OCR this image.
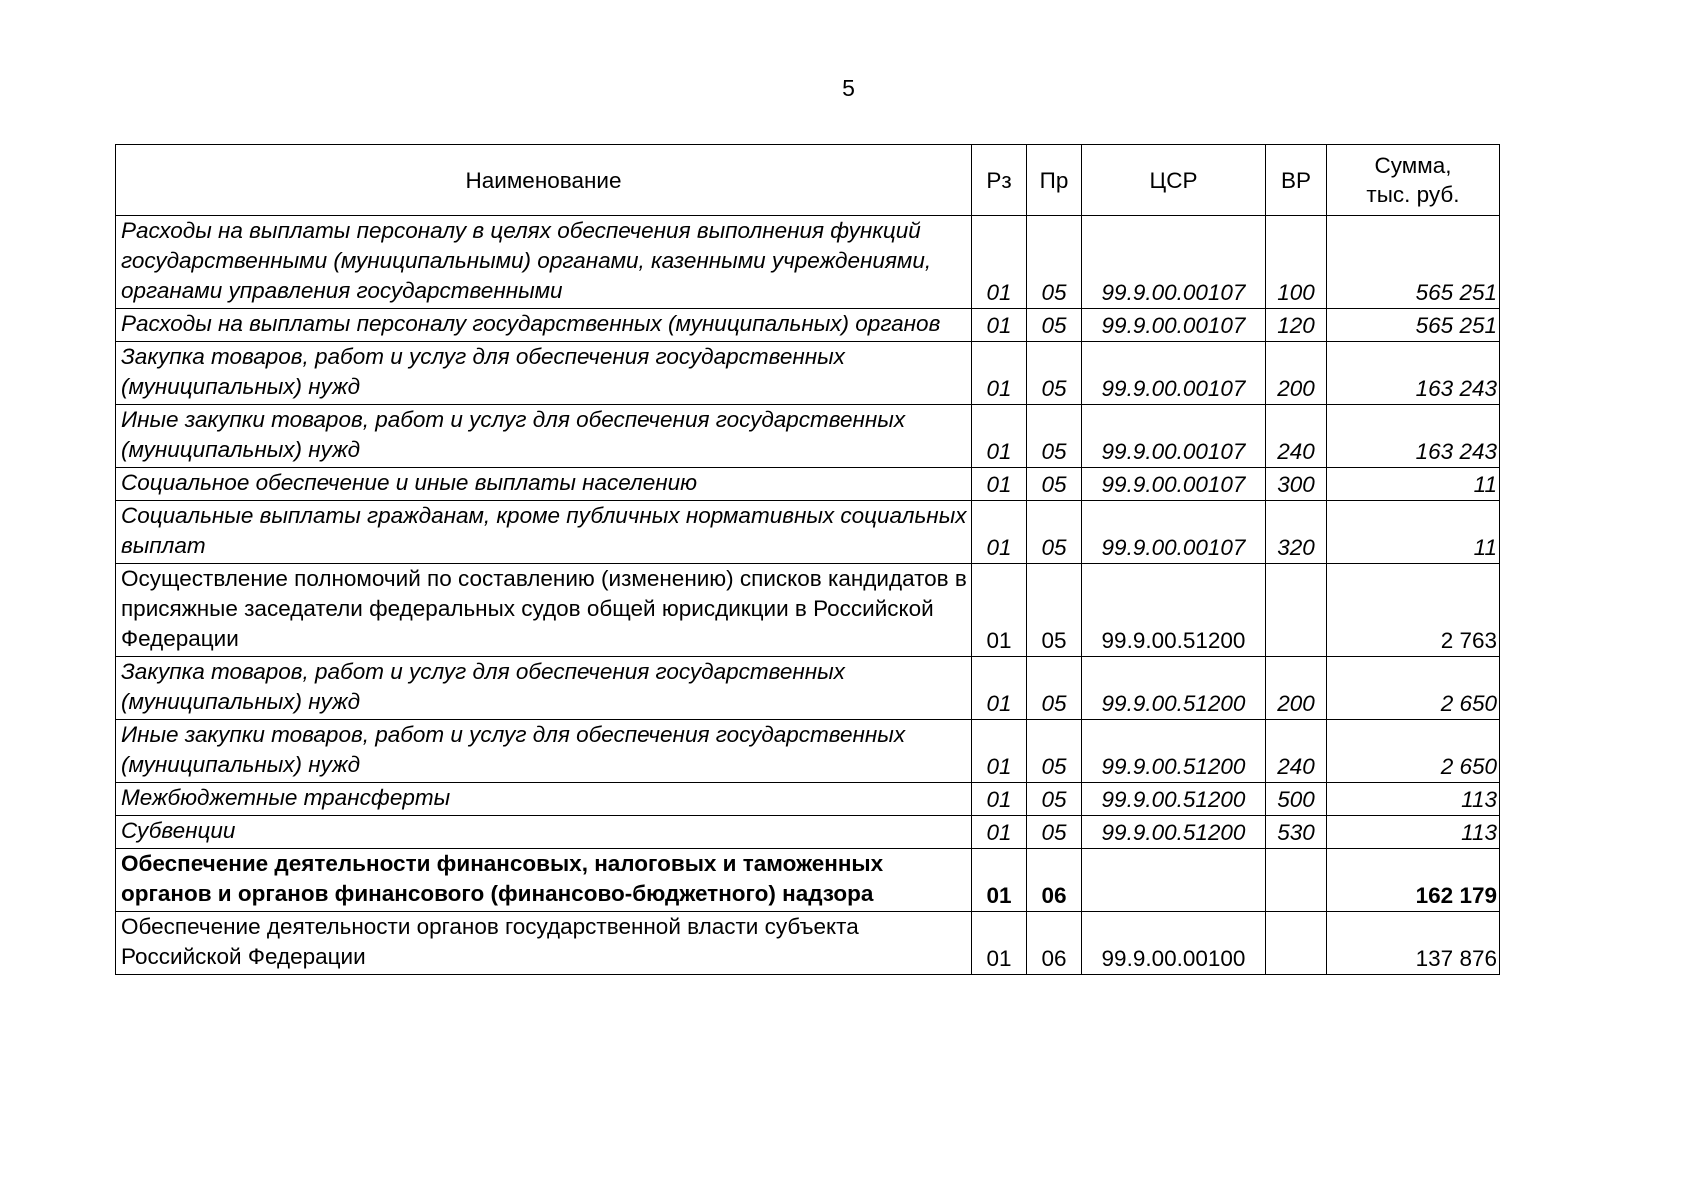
5
Наименование	Рз	Пр	ЦСР	ВР	Сумма,
тыс. руб.
Расходы на выплаты персоналу в целях обеспечения выполнения функций государственными (муниципальными) органами, казенными учреждениями, органами управления государственными	01	05	99.9.00.00107	100	565 251
Расходы на выплаты персоналу государственных (муниципальных) органов	01	05	99.9.00.00107	120	565 251
Закупка товаров, работ и услуг для обеспечения государственных (муниципальных) нужд	01	05	99.9.00.00107	200	163 243
Иные закупки товаров, работ и услуг для обеспечения государственных (муниципальных) нужд	01	05	99.9.00.00107	240	163 243
Социальное обеспечение и иные выплаты населению	01	05	99.9.00.00107	300	11
Социальные выплаты гражданам, кроме публичных нормативных социальных выплат	01	05	99.9.00.00107	320	11
Осуществление полномочий по составлению (изменению) списков кандидатов в присяжные заседатели федеральных судов общей юрисдикции в Российской Федерации	01	05	99.9.00.51200		2 763
Закупка товаров, работ и услуг для обеспечения государственных (муниципальных) нужд	01	05	99.9.00.51200	200	2 650
Иные закупки товаров, работ и услуг для обеспечения государственных (муниципальных) нужд	01	05	99.9.00.51200	240	2 650
Межбюджетные трансферты	01	05	99.9.00.51200	500	113
Субвенции	01	05	99.9.00.51200	530	113
Обеспечение деятельности финансовых, налоговых и таможенных органов и органов финансового (финансово-бюджетного) надзора	01	06			162 179
Обеспечение деятельности органов государственной власти субъекта Российской Федерации	01	06	99.9.00.00100		137 876
